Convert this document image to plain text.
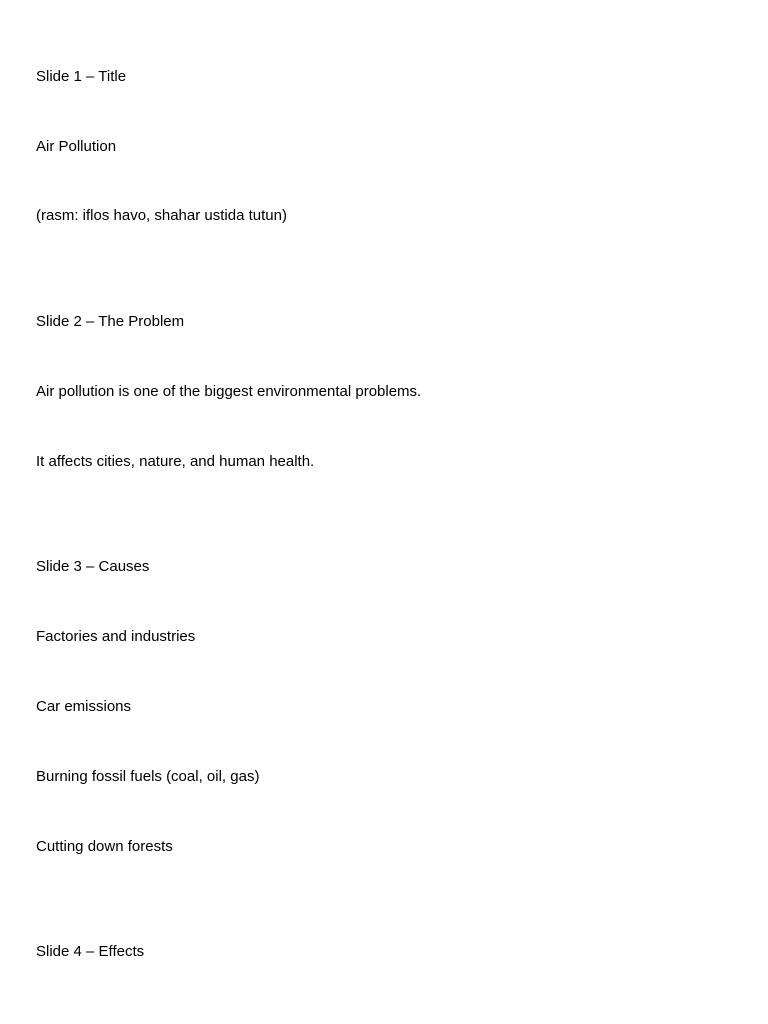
Slide 1 – Title

Air Pollution

(rasm: iflos havo, shahar ustida tutun)

Slide 2 – The Problem

Air pollution is one of the biggest environmental problems.

It affects cities, nature, and human health.

Slide 3 – Causes

Factories and industries

Car emissions

Burning fossil fuels (coal, oil, gas)

Cutting down forests

Slide 4 – Effects
